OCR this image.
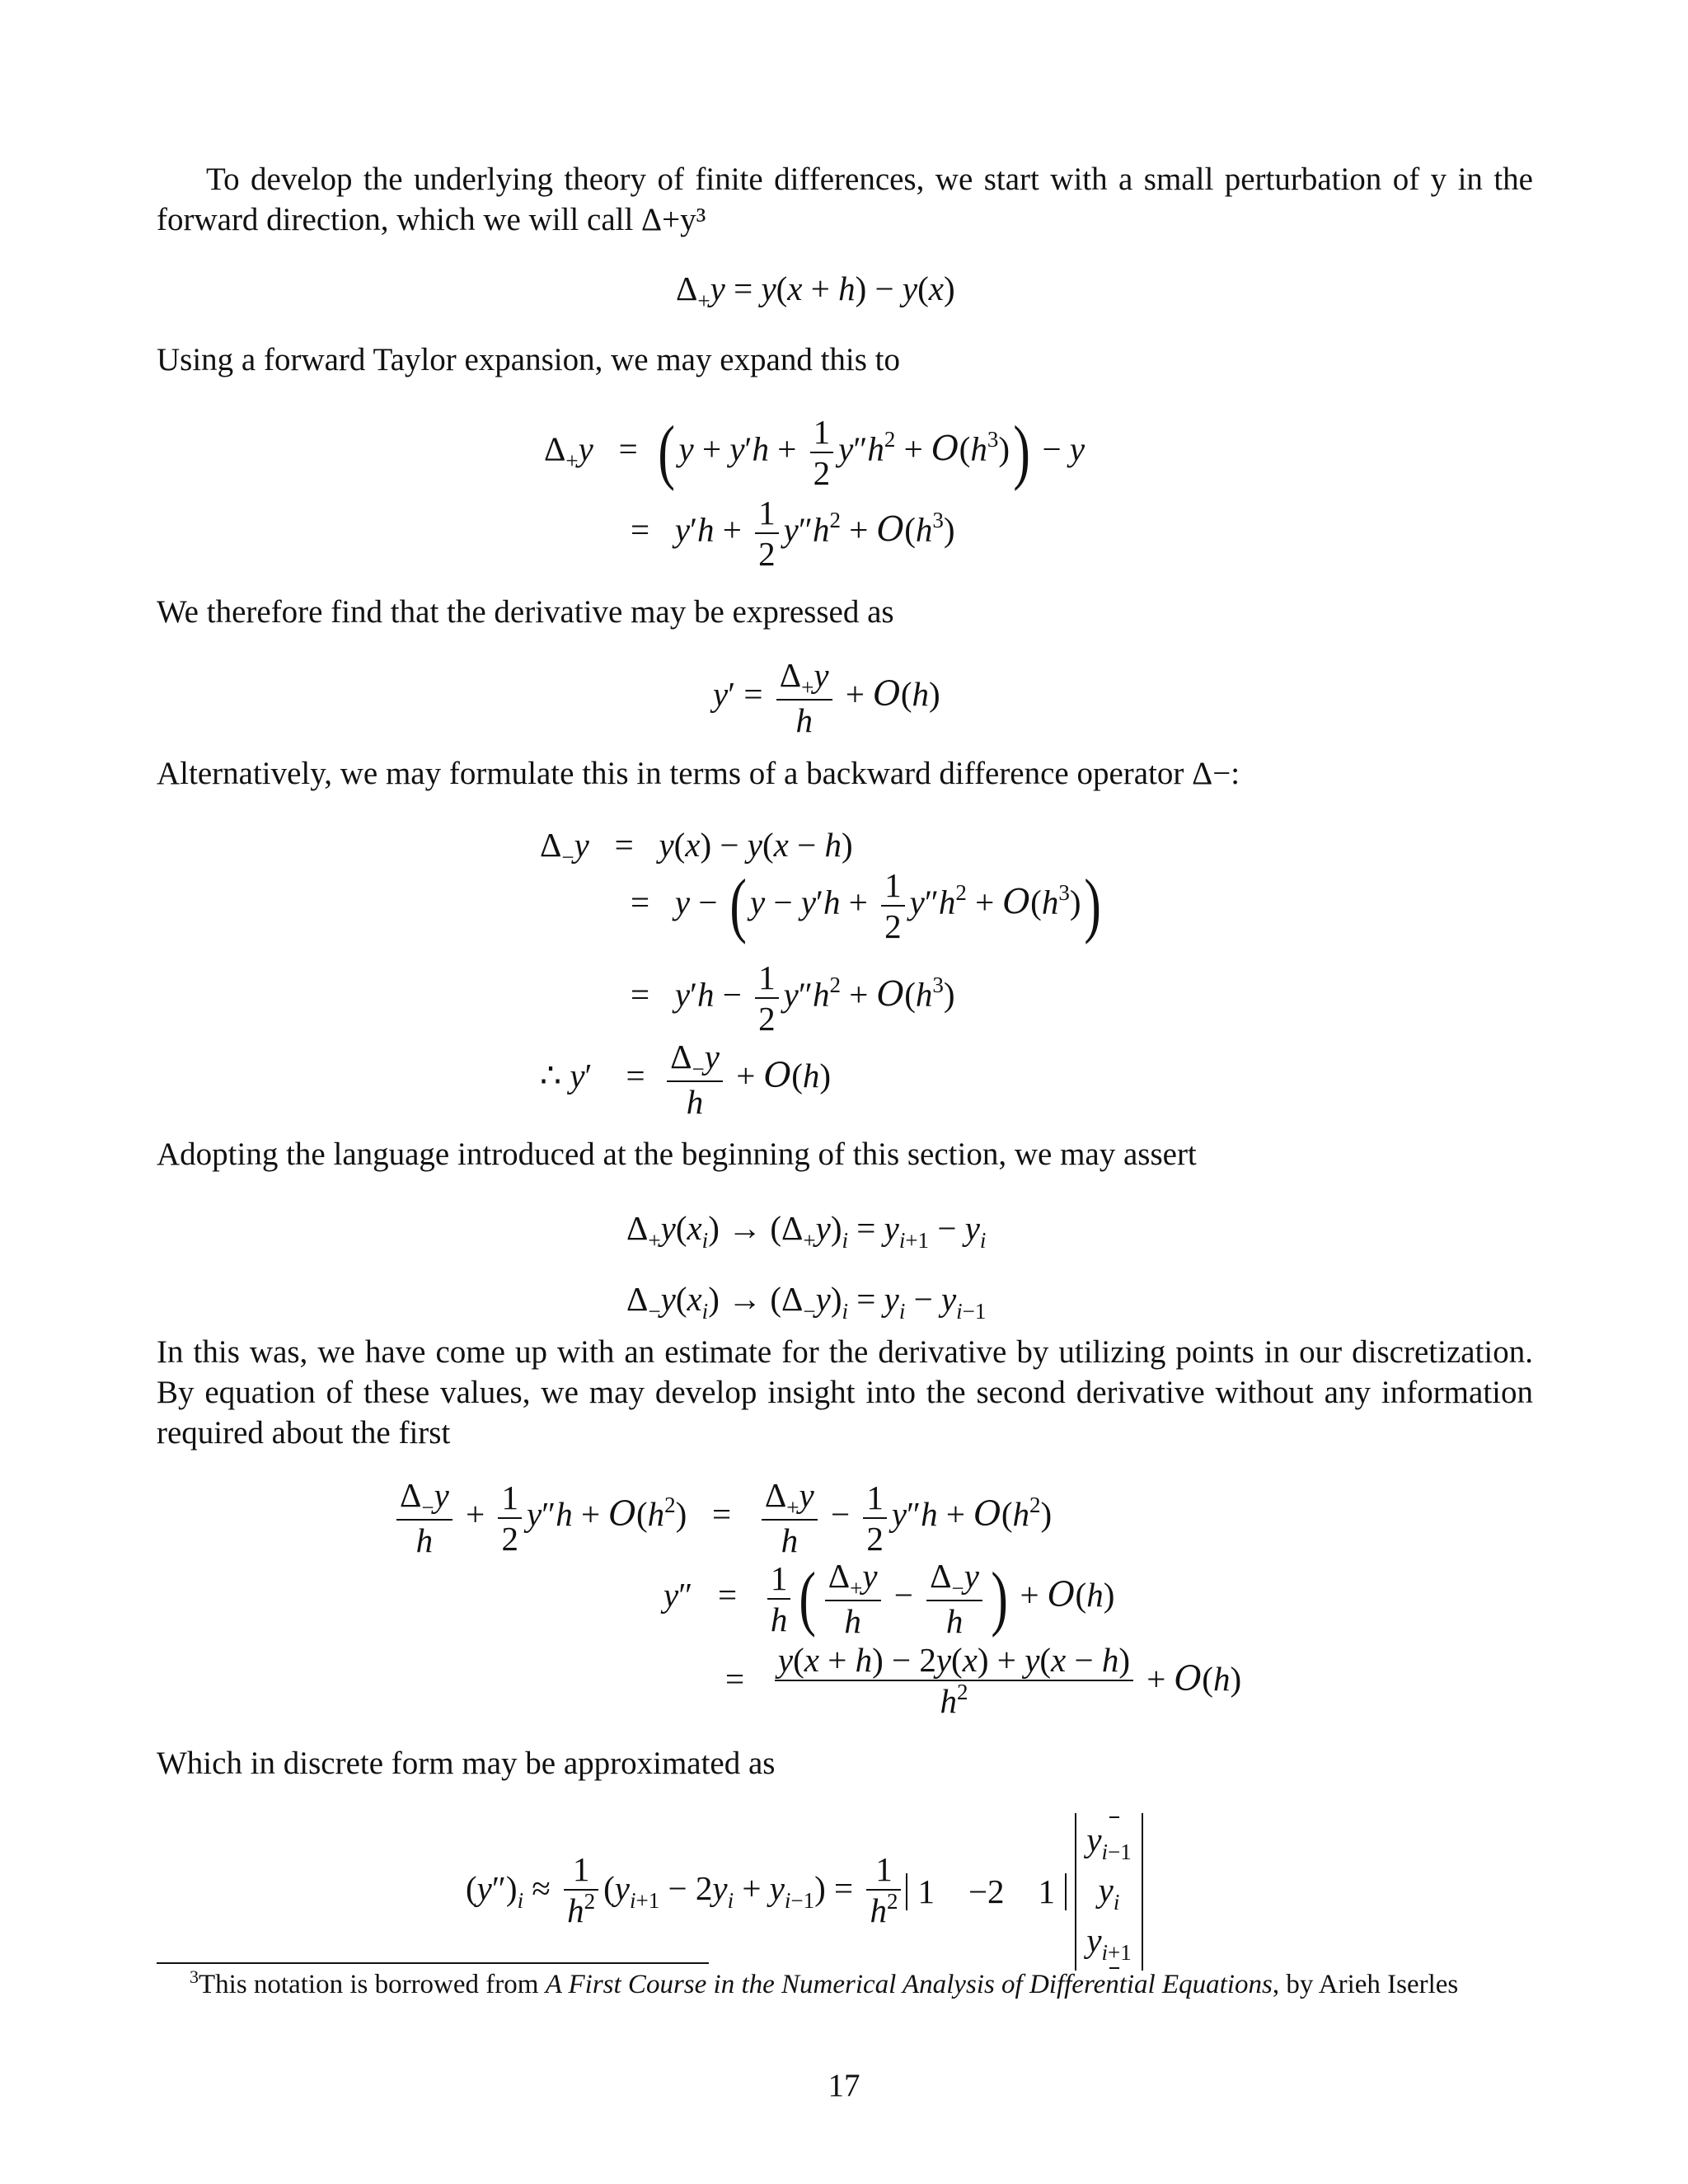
To develop the underlying theory of finite differences, we start with a small perturbation of y in the forward direction, which we will call Δ+y³
$\Delta_+y = y(x + h) - y(x)$
Using a forward Taylor expansion, we may expand this to
$\Delta_+y$   =  ( $y + y'h + \frac{1}{2} y''h^2 + O(h^3)) - y$
=   $y'h + \frac{1}{2} y''h^2 + O(h^3)$
We therefore find that the derivative may be expressed as
$y' = \frac{\Delta_+y}{h} + O(h)$
Alternatively, we may formulate this in terms of a backward difference operator Δ−:
$\Delta_-y = y(x) - y(x - h)$
=   y − ( $y - y'h + \frac{1}{2} y''h^2 + O(h^3)$)
=   $y'h - \frac{1}{2} y''h^2 + O(h^3)$
∴ y′    = $\frac{\Delta_-y}{h} + O(h)$
Adopting the language introduced at the beginning of this section, we may assert
$\Delta_+y(x_i) \to (\Delta_+y)_i = y_{i+1} - y_i$
$\Delta_-y(x_i) \to (\Delta_-y)_i = y_i - y_{i-1}$
In this was, we have come up with an estimate for the derivative by utilizing points in our discretization. By equation of these values, we may develop insight into the second derivative without any information required about the first
$\frac{\Delta_-y}{h} + \frac{1}{2} y''h + O(h^2) = \frac{\Delta_+y}{h} - \frac{1}{2} y''h + O(h^2)$
$y'' = \frac{1}{h}$ ( $\frac{\Delta_+y}{h} - \frac{\Delta_-y}{h}$ ) + O(h)
= $\frac{y(x + h) - 2y(x) + y(x - h)}{h^2} + O(h)$
Which in discrete form may be approximated as
$(y'')_i \approx \frac{1}{h^2} (y_{i+1} - 2y_i + y_{i-1}) = \frac{1}{h^2} 1$    −2    1
$y_{i-1}$
$y_i$
$y_{i+1}$
$^3$This notation is borrowed from A First Course in the Numerical Analysis of Differential Equations, by Arieh Iserles
17
